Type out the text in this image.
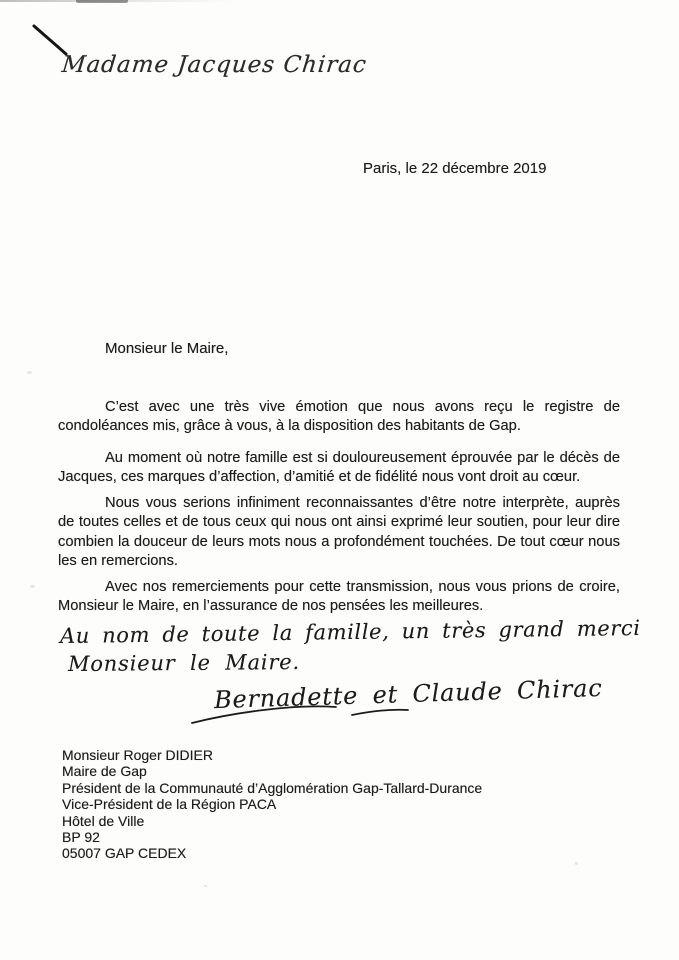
Madame Jacques Chirac
Paris, le 22 décembre 2019
Monsieur le Maire,
C’est avec une très vive émotion que nous avons reçu le registre de condoléances mis, grâce à vous, à la disposition des habitants de Gap.
Au moment où notre famille est si douloureusement éprouvée par le décès de Jacques, ces marques d’affection, d’amitié et de fidélité nous vont droit au cœur.
Nous vous serions infiniment reconnaissantes d’être notre interprète, auprès de toutes celles et de tous ceux qui nous ont ainsi exprimé leur soutien, pour leur dire combien la douceur de leurs mots nous a profondément touchées. De tout cœur nous les en remercions.
Avec nos remerciements pour cette transmission, nous vous prions de croire, Monsieur le Maire, en l’assurance de nos pensées les meilleures.
Au nom de toute la famille, un très grand merci
Monsieur le Maire.
Bernadette et Claude Chirac
Monsieur Roger DIDIER
Maire de Gap
Président de la Communauté d’Agglomération Gap-Tallard-Durance
Vice-Président de la Région PACA
Hôtel de Ville
BP 92
05007 GAP CEDEX
